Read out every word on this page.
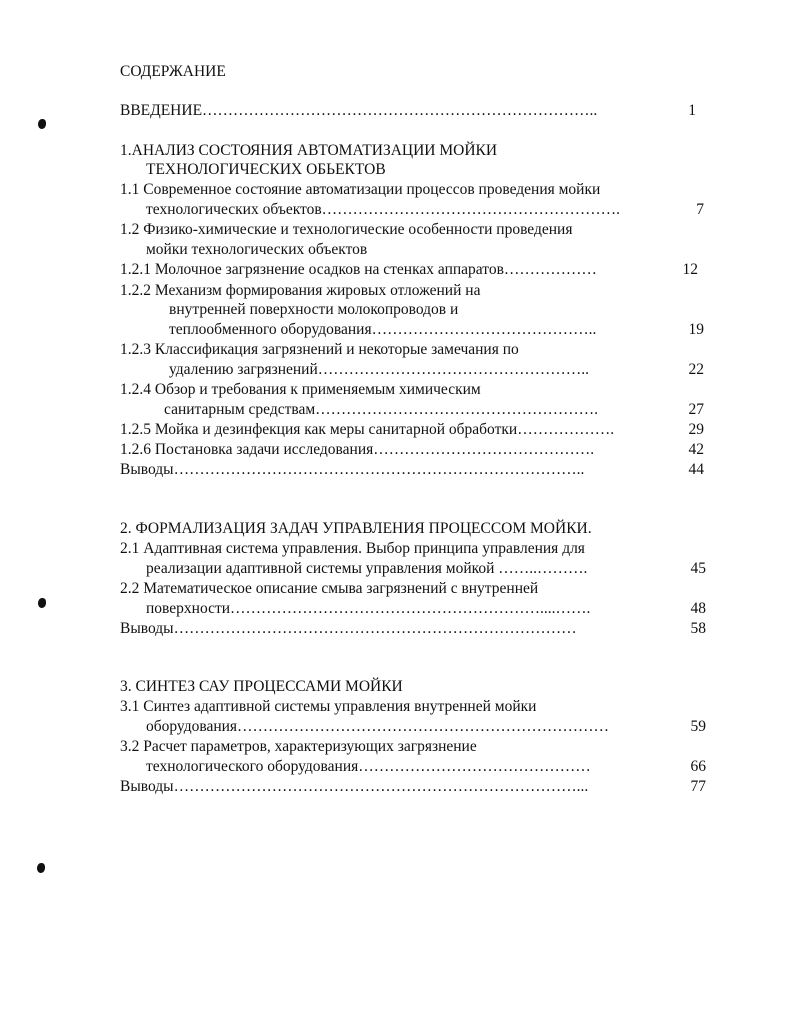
СОДЕРЖАНИЕ
ВВЕДЕНИЕ…………………………………………………………………..	1
1.АНАЛИЗ СОСТОЯНИЯ АВТОМАТИЗАЦИИ МОЙКИ
ТЕХНОЛОГИЧЕСКИХ ОБЬЕКТОВ
1.1 Современное состояние автоматизации процессов проведения мойки
технологических объектов………………………………………………….	7
1.2 Физико-химические и технологические особенности проведения
мойки технологических объектов
1.2.1 Молочное загрязнение осадков на стенках аппаратов………………	12
1.2.2 Механизм формирования жировых отложений на
внутренней поверхности молокопроводов и
теплообменного оборудования……………………………………..	19
1.2.3 Классификация загрязнений и некоторые замечания по
удалению загрязнений……………………………………………..	22
1.2.4 Обзор и требования к применяемым химическим
санитарным средствам……………………………………………….	27
1.2.5 Мойка и дезинфекция как меры санитарной обработки……………….	29
1.2.6 Постановка задачи исследования…………………………………….	42
Выводы……………………………………………………………………..	44
2. ФОРМАЛИЗАЦИЯ ЗАДАЧ УПРАВЛЕНИЯ ПРОЦЕССОМ МОЙКИ.
2.1 Адаптивная система управления. Выбор принципа управления для
реализации адаптивной системы управления мойкой ……..……….	45
2.2 Математическое описание смыва загрязнений с внутренней
поверхности……………………………………………………....…….	48
Выводы……………………………………………………………………	58
3. СИНТЕЗ САУ ПРОЦЕССАМИ МОЙКИ
3.1 Синтез адаптивной системы управления внутренней мойки
оборудования………………………………………………………………	59
3.2 Расчет параметров, характеризующих загрязнение
технологического оборудования………………………………………	66
Выводы……………………………………………………………………...	77
